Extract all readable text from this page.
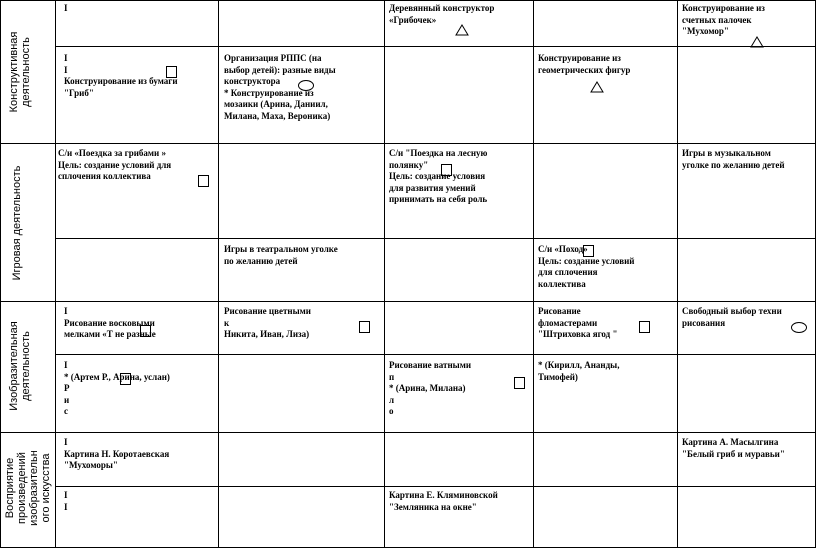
Конструктивная
деятельность
Игровая деятельность
Изобразительная
деятельность
Восприятие
произведений
изобразительн
ого искусства
I	Деревянный конструктор
«Грибочек»
Конструирование из
счетных палочек
"Мухомор"
I
I
Конструирование из бумаги
"Гриб"
Организация РППС (на
выбор детей): разные виды
конструктора
* Конструирование из
мозаики (Арина, Даниил,
Милана, Маха, Вероника)
Конструирование из
геометрических фигур
С/и «Поездка за грибами »
Цель: создание условий для
сплочения коллектива
С/и "Поездка на лесную
полянку"
Цель: создание условия
для развития умений
принимать на себя роль
Игры в музыкальном
уголке по желанию детей
Игры в театральном уголке
по желанию детей
С/и «Поход»
Цель: создание условий
для сплочения
коллектива
I
Рисование восковыми
мелками «Т не разные
Рисование цветными
к
Никита, Иван, Лиза)
Рисование
фломастерами
"Штриховка ягод "
Свободный выбор техни
рисования
I
* (Артем Р., Арина, услан)
Р
и
с
Рисование ватными
п
* (Арина, Милана)
л
о
* (Кирилл, Ананды,
Тимофей)
I
Картина Н. Коротаевская
"Мухоморы"
Картина А. Масылгина
"Белый гриб и муравьи"
I
I
Картина Е. Кляминовской
"Земляника на окне"
